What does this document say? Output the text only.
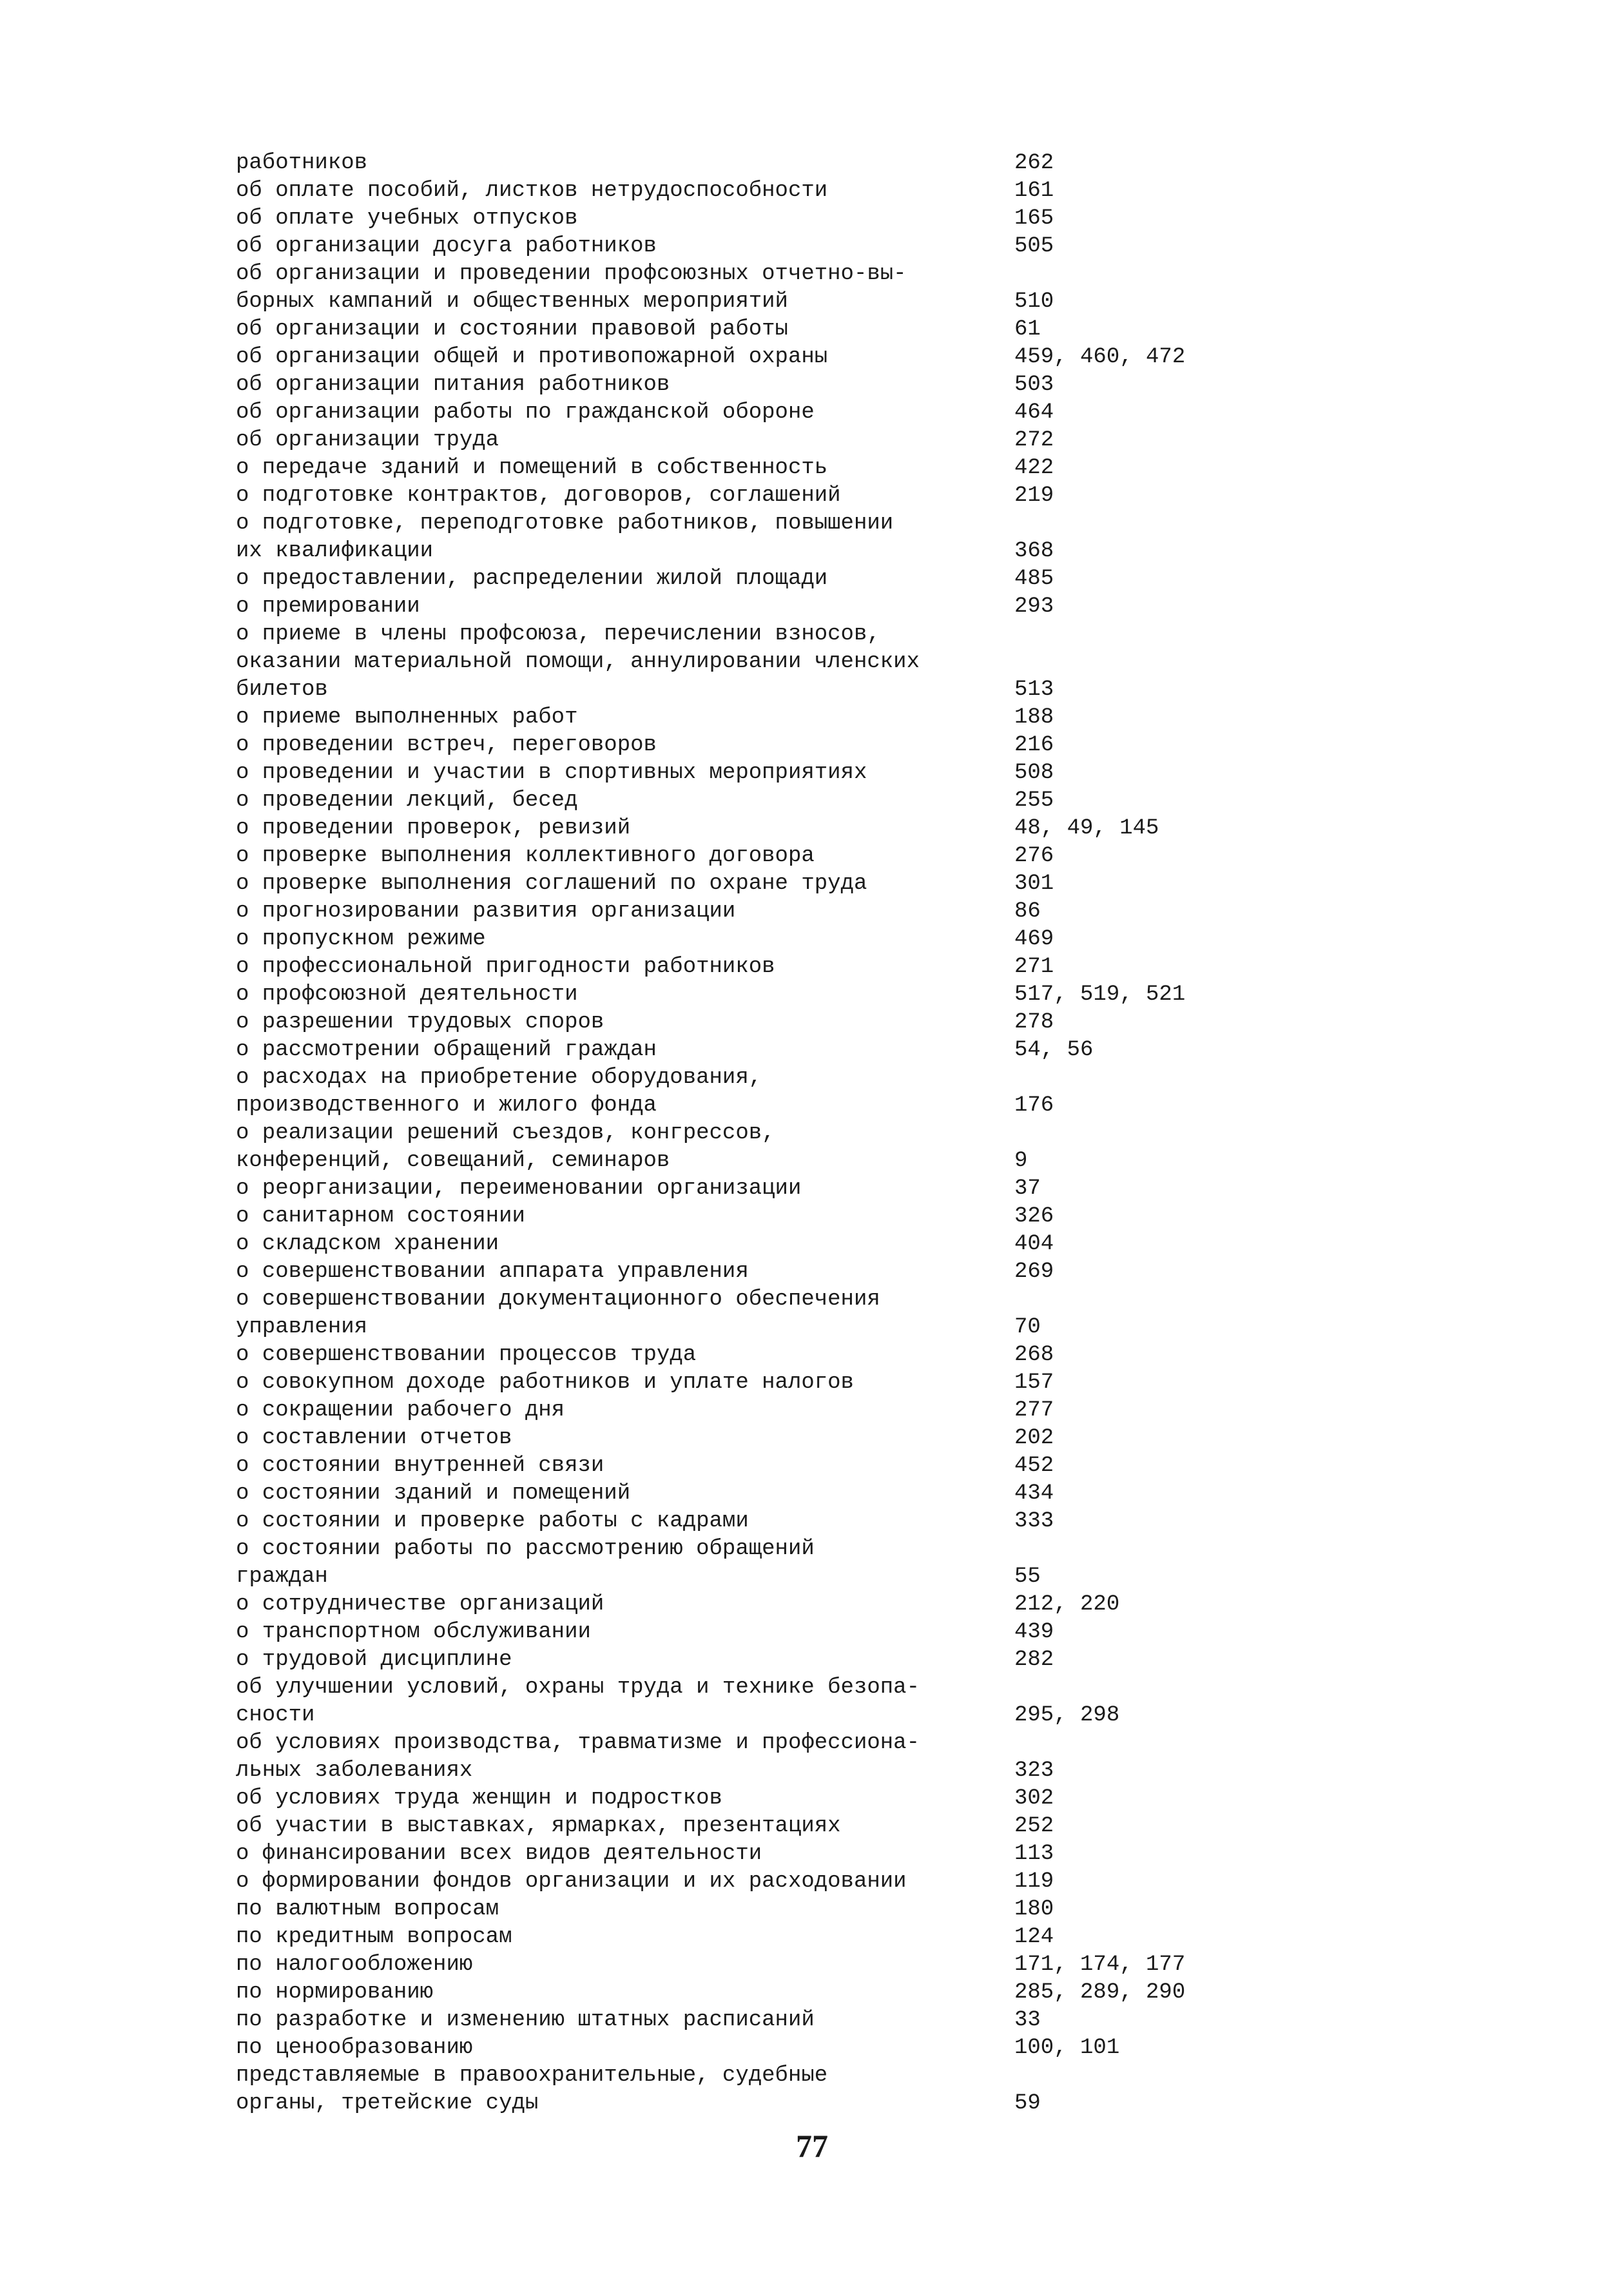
работников	262
об оплате пособий, листков нетрудоспособности	161
об оплате учебных отпусков	165
об организации досуга работников	505
об организации и проведении профсоюзных отчетно-вы-
борных кампаний и общественных мероприятий	510
об организации и состоянии правовой работы	61
об организации общей и противопожарной охраны	459, 460, 472
об организации питания работников	503
об организации работы по гражданской обороне	464
об организации труда	272
о передаче зданий и помещений в собственность	422
о подготовке контрактов, договоров, соглашений	219
о подготовке, переподготовке работников, повышении
их квалификации	368
о предоставлении, распределении жилой площади	485
о премировании	293
о приеме в члены профсоюза, перечислении взносов,
оказании материальной помощи, аннулировании членских
билетов	513
о приеме выполненных работ	188
о проведении встреч, переговоров	216
о проведении и участии в спортивных мероприятиях	508
о проведении лекций, бесед	255
о проведении проверок, ревизий	48, 49, 145
о проверке выполнения коллективного договора	276
о проверке выполнения соглашений по охране труда	301
о прогнозировании развития организации	86
о пропускном режиме	469
о профессиональной пригодности работников	271
о профсоюзной деятельности	517, 519, 521
о разрешении трудовых споров	278
о рассмотрении обращений граждан	54, 56
о расходах на приобретение оборудования,
производственного и жилого фонда	176
о реализации решений съездов, конгрессов,
конференций, совещаний, семинаров	9
о реорганизации, переименовании организации	37
о санитарном состоянии	326
о складском хранении	404
о совершенствовании аппарата управления	269
о совершенствовании документационного обеспечения
управления	70
о совершенствовании процессов труда	268
о совокупном доходе работников и уплате налогов	157
о сокращении рабочего дня	277
о составлении отчетов	202
о состоянии внутренней связи	452
о состоянии зданий и помещений	434
о состоянии и проверке работы с кадрами	333
о состоянии работы по рассмотрению обращений
граждан	55
о сотрудничестве организаций	212, 220
о транспортном обслуживании	439
о трудовой дисциплине	282
об улучшении условий, охраны труда и технике безопа-
сности	295, 298
об условиях производства, травматизме и профессиона-
льных заболеваниях	323
об условиях труда женщин и подростков	302
об участии в выставках, ярмарках, презентациях	252
о финансировании всех видов деятельности	113
о формировании фондов организации и их расходовании	119
по валютным вопросам	180
по кредитным вопросам	124
по налогообложению	171, 174, 177
по нормированию	285, 289, 290
по разработке и изменению штатных расписаний	33
по ценообразованию	100, 101
представляемые в правоохранительные, судебные
органы, третейские суды	59
77
